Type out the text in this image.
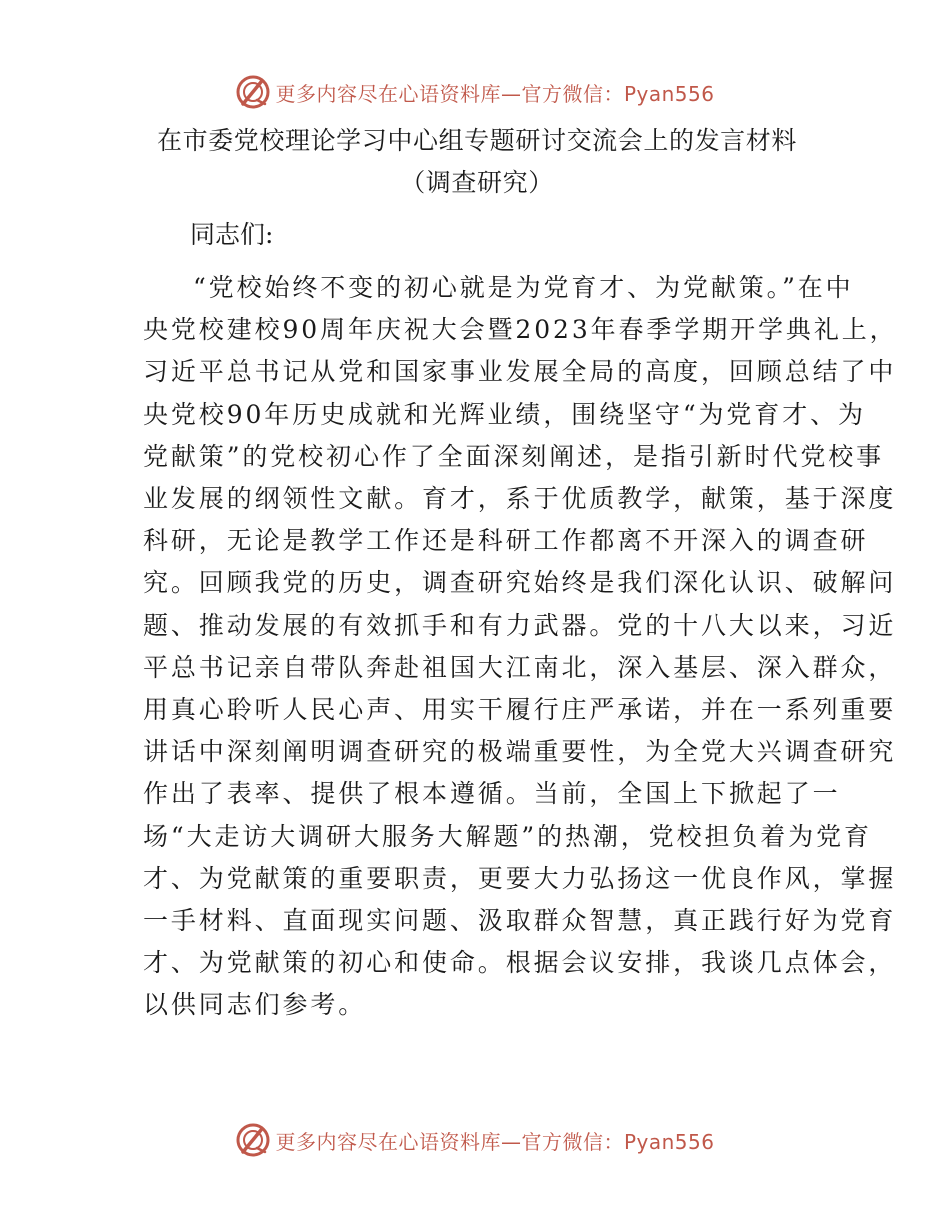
更多内容尽在心语资料库—官方微信：Pyan556
在市委党校理论学习中心组专题研讨交流会上的发言材料（调查研究）

同志们:

“党校始终不变的初心就是为党育才、为党献策。”在中
央党校建校90周年庆祝大会暨2023年春季学期开学典礼上，
习近平总书记从党和国家事业发展全局的高度，回顾总结了中
央党校90年历史成就和光辉业绩，围绕坚守“为党育才、为
党献策”的党校初心作了全面深刻阐述，是指引新时代党校事
业发展的纲领性文献。育才，系于优质教学，献策，基于深度
科研，无论是教学工作还是科研工作都离不开深入的调查研
究。回顾我党的历史，调查研究始终是我们深化认识、破解问
题、推动发展的有效抓手和有力武器。党的十八大以来，习近
平总书记亲自带队奔赴祖国大江南北，深入基层、深入群众，
用真心聆听人民心声、用实干履行庄严承诺，并在一系列重要
讲话中深刻阐明调查研究的极端重要性，为全党大兴调查研究
作出了表率、提供了根本遵循。当前，全国上下掀起了一
场“大走访大调研大服务大解题”的热潮，党校担负着为党育
才、为党献策的重要职责，更要大力弘扬这一优良作风，掌握
一手材料、直面现实问题、汲取群众智慧，真正践行好为党育
才、为党献策的初心和使命。根据会议安排，我谈几点体会，
以供同志们参考。

更多内容尽在心语资料库—官方微信：Pyan556
